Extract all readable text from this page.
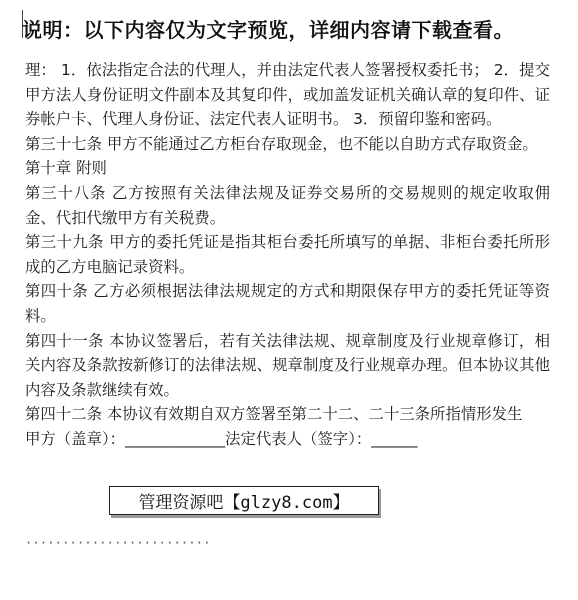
说明：以下内容仅为文字预览，详细内容请下载查看。

理： 1．依法指定合法的代理人，并由法定代表人签署授权委托书； 2．提交甲方法人身份证明文件副本及其复印件，或加盖发证机关确认章的复印件、证券帐户卡、代理人身份证、法定代表人证明书。 3．预留印鉴和密码。

第三十七条 甲方不能通过乙方柜台存取现金，也不能以自助方式存取资金。

第十章 附则

第三十八条 乙方按照有关法律法规及证券交易所的交易规则的规定收取佣金、代扣代缴甲方有关税费。

第三十九条 甲方的委托凭证是指其柜台委托所填写的单据、非柜台委托所形成的乙方电脑记录资料。

第四十条 乙方必须根据法律法规规定的方式和期限保存甲方的委托凭证等资料。

第四十一条 本协议签署后，若有关法律法规、规章制度及行业规章修订，相关内容及条款按新修订的法律法规、规章制度及行业规章办理。但本协议其他内容及条款继续有效。

第四十二条 本协议有效期自双方签署至第二十二、二十三条所指情形发生

甲方（盖章）：_____________法定代表人（签字）：______

·························
管理资源吧 【glzy8.com】
